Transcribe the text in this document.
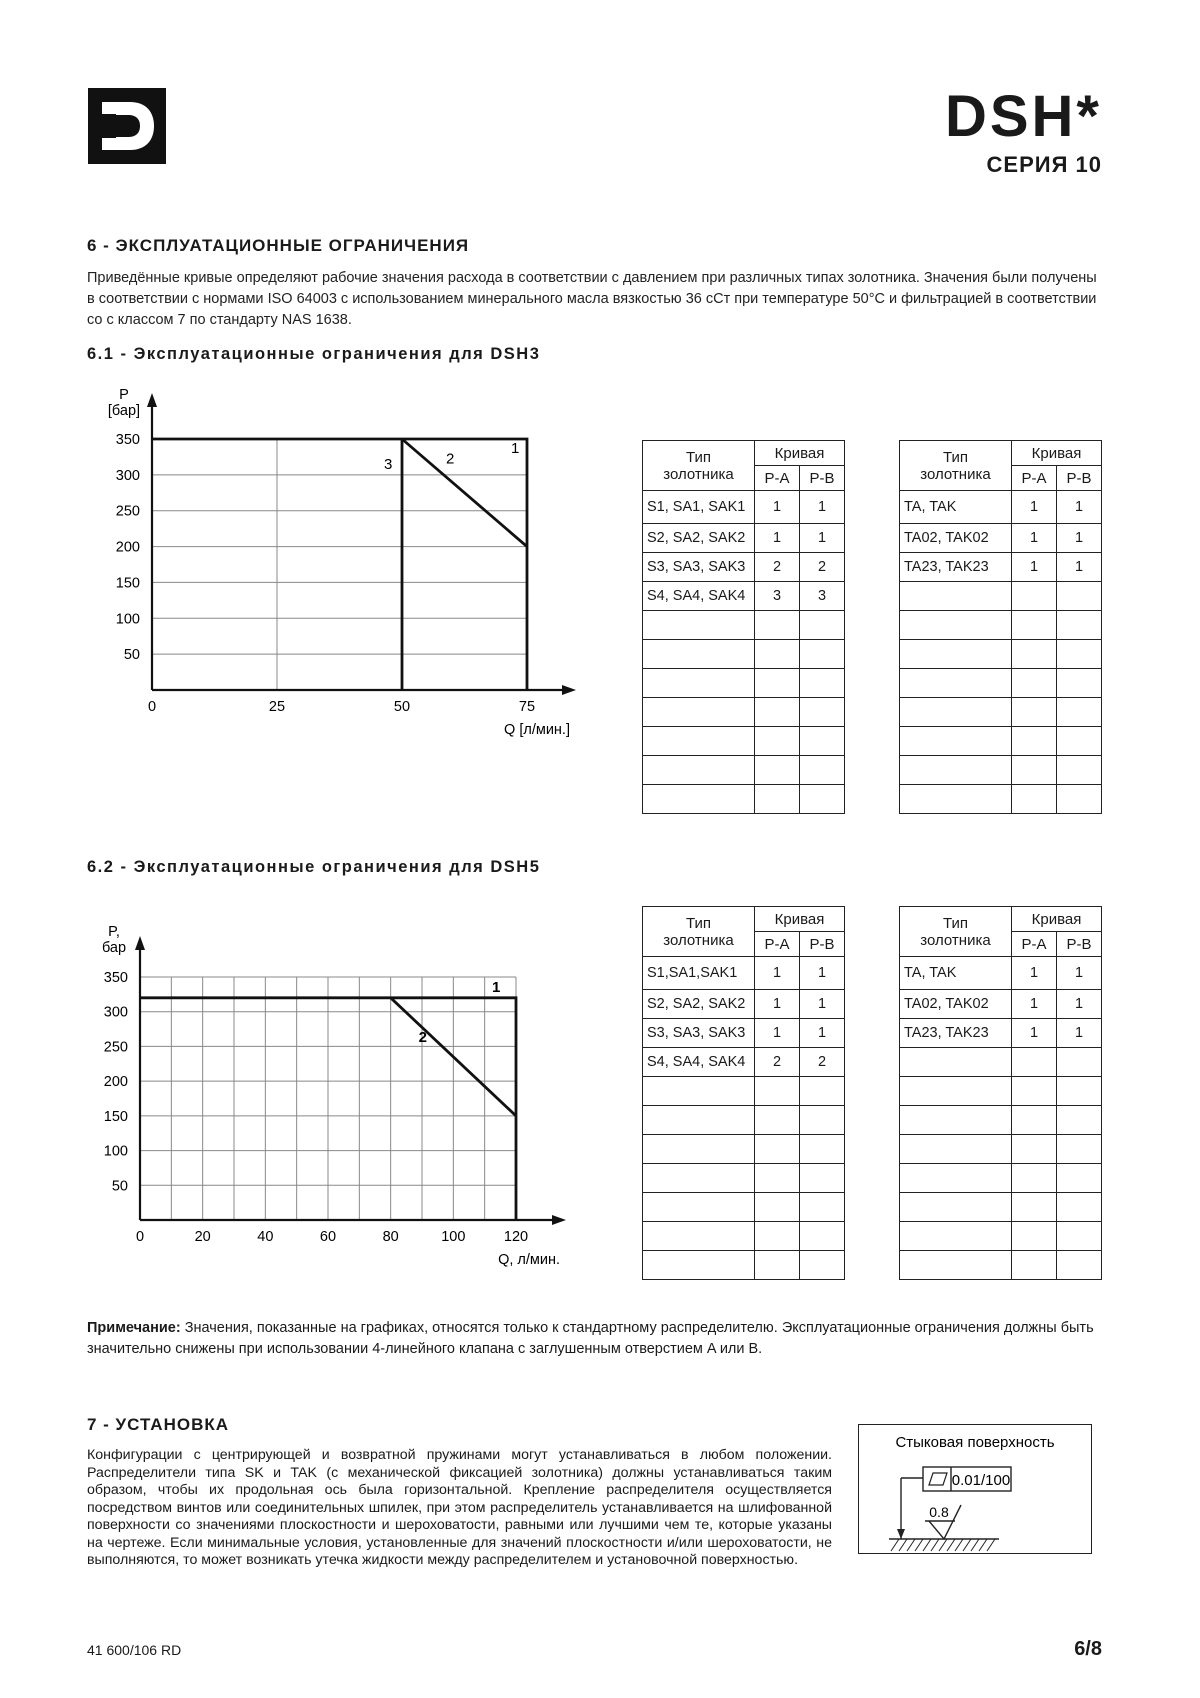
DSH*
СЕРИЯ 10
6 - ЭКСПЛУАТАЦИОННЫЕ ОГРАНИЧЕНИЯ
Приведённые кривые определяют рабочие значения расхода в соответствии с давлением при различных типах золотника. Значения были получены в соответствии с нормами ISO 64003 с использованием минерального масла вязкостью 36 сСт при температуре 50°C и фильтрацией в соответствии со с классом 7 по стандарту NAS 1638.
6.1 - Эксплуатационные ограничения для DSH3
50
100
150
200
250
300
350
0	25	50	75
P
[бар]
Q [л/мин.]
1
2
3	Тип
золотника	Кривая	
	P-A	P-B
S1, SA1, SAK1	1	1
S2, SA2, SAK2	1	1
S3, SA3, SAK3	2	2
S4, SA4, SAK4	3	3

Тип
золотника	Кривая	
	P-A	P-B
TA, TAK	1	1
TA02, TAK02	1	1
TA23, TAK23	1	1

6.2 - Эксплуатационные ограничения для DSH5
50
100
150
200
250
300
350
0	20	40	60	80	100	120
P,
бар
Q, л/мин.
1
2
Тип
золотника	Кривая	
	P-A	P-B
S1,SA1,SAK1	1	1
S2, SA2, SAK2	1	1
S3, SA3, SAK3	1	1
S4, SA4, SAK4	2	2

Тип
золотника	Кривая	
	P-A	P-B
TA, TAK	1	1
TA02, TAK02	1	1
TA23, TAK23	1	1

Примечание: Значения, показанные на графиках, относятся только к стандартному распределителю. Эксплуатационные ограничения должны быть значительно снижены при использовании 4-линейного клапана с заглушенным отверстием A или B.
7 - УСТАНОВКА
Конфигурации с центрирующей и возвратной пружинами могут устанавливаться в любом положении. Распределители типа SK и TAK (с механической фиксацией золотника) должны устанавливаться таким образом, чтобы их продольная ось была горизонтальной. Крепление распределителя осуществляется посредством винтов или соединительных шпилек, при этом распределитель устанавливается на шлифованной поверхности со значениями плоскостности и шероховатости, равными или лучшими чем те, которые указаны на чертеже. Если минимальные условия, установленные для значений плоскостности и/или шероховатости, не выполняются, то может возникать утечка жидкости между распределителем и установочной поверхностью.
Стыковая поверхность
0.01/100
0.8
41 600/106 RD	6/8
